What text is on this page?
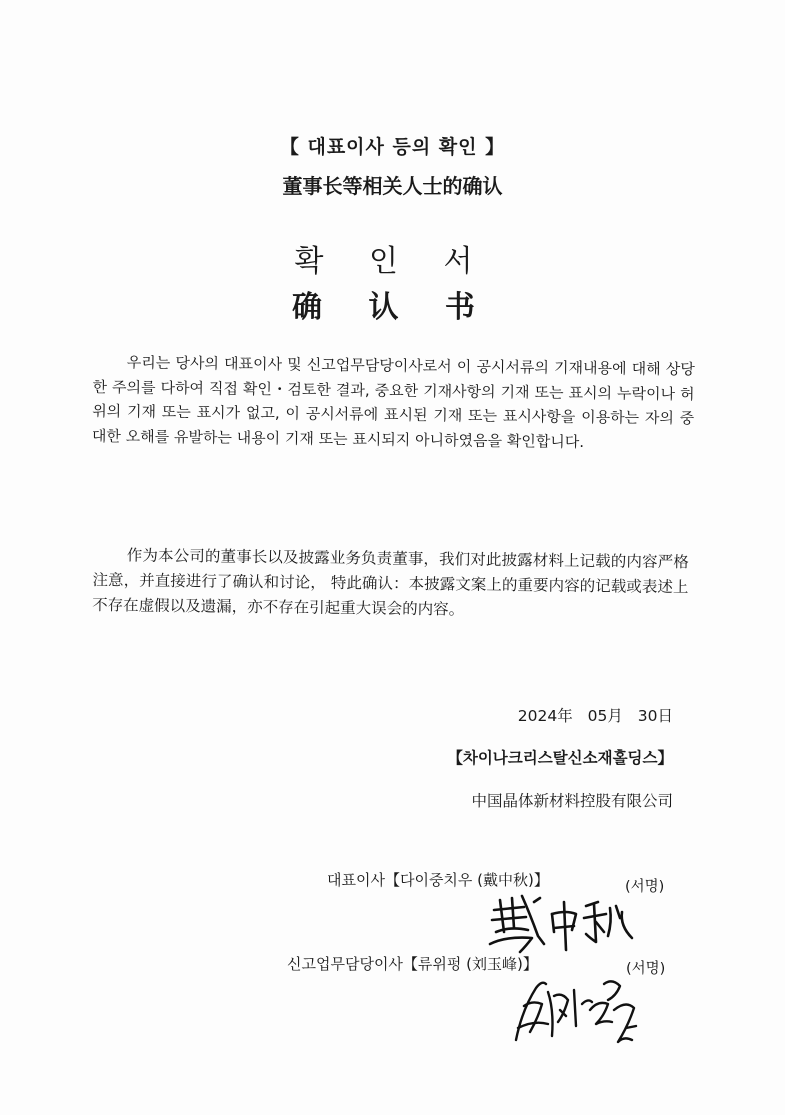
【 대표이사 등의 확인 】
董事长等相关人士的确认
확 인 서
确 认 书
우리는 당사의 대표이사 및 신고업무담당이사로서 이 공시서류의 기재내용에 대해 상당한 주의를 다하여 직접 확인・검토한 결과, 중요한 기재사항의 기재 또는 표시의 누락이나 허위의 기재 또는 표시가 없고, 이 공시서류에 표시된 기재 또는 표시사항을 이용하는 자의 중대한 오해를 유발하는 내용이 기재 또는 표시되지 아니하였음을 확인합니다.
作为本公司的董事长以及披露业务负责董事，我们对此披露材料上记载的内容严格注意，并直接进行了确认和讨论， 特此确认：本披露文案上的重要内容的记载或表述上不存在虚假以及遗漏，亦不存在引起重大误会的内容。
2024年 05月 30日
【차이나크리스탈신소재홀딩스】
中国晶体新材料控股有限公司
대표이사【다이중치우 (戴中秋)】	(서명)
신고업무담당이사【류위펑 (刘玉峰)】	(서명)
